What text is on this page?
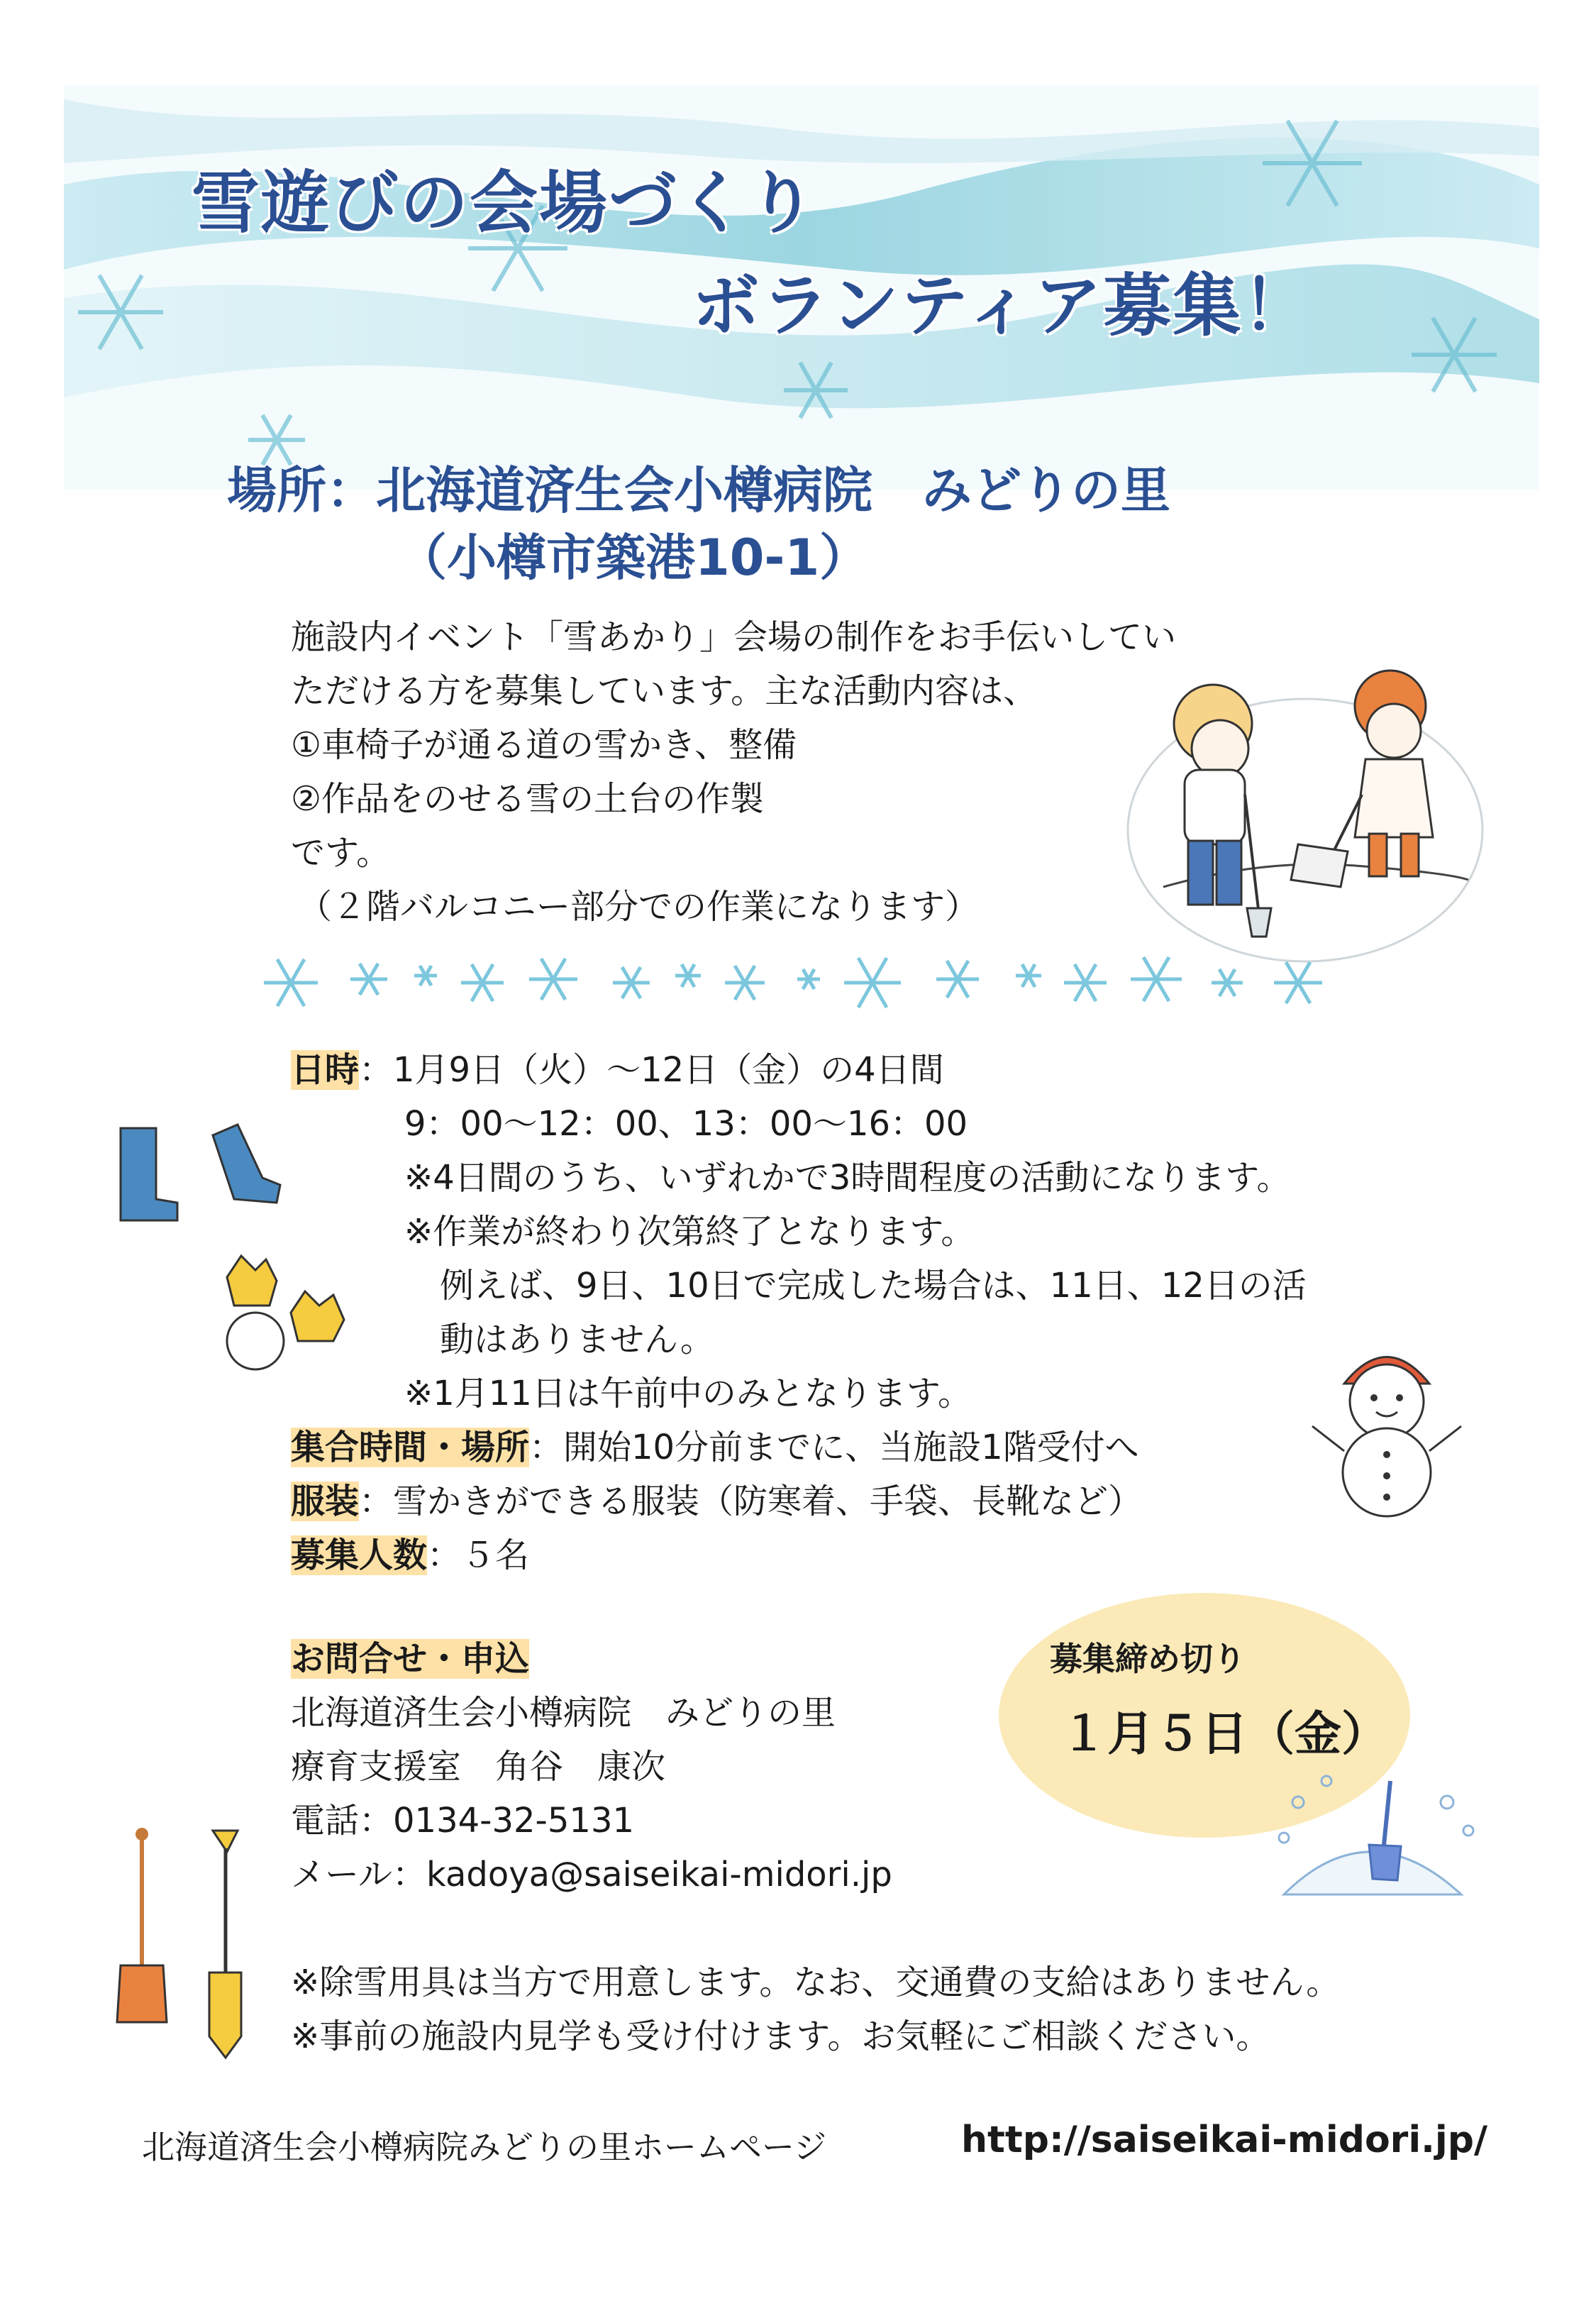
雪遊びの会場づくり
ボランティア募集！
場所：北海道済生会小樽病院　みどりの里
（小樽市築港10-1）
施設内イベント「雪あかり」会場の制作をお手伝いしてい
ただける方を募集しています。主な活動内容は、
①車椅子が通る道の雪かき、整備
②作品をのせる雪の土台の作製
です。
（２階バルコニー部分での作業になります）
日時：1月9日（火）～12日（金）の4日間
9：00～12：00、13：00～16：00
※4日間のうち、いずれかで3時間程度の活動になります。
※作業が終わり次第終了となります。
例えば、9日、10日で完成した場合は、11日、12日の活
動はありません。
※1月11日は午前中のみとなります。
集合時間・場所：開始10分前までに、当施設1階受付へ
服装：雪かきができる服装（防寒着、手袋、長靴など）
募集人数：５名
お問合せ・申込
北海道済生会小樽病院　みどりの里
療育支援室　角谷　康次
電話：0134-32-5131
メール：kadoya@saiseikai-midori.jp
募集締め切り
１月５日（金）
※除雪用具は当方で用意します。なお、交通費の支給はありません。
※事前の施設内見学も受け付けます。お気軽にご相談ください。
北海道済生会小樽病院みどりの里ホームページ	http://saiseikai-midori.jp/
